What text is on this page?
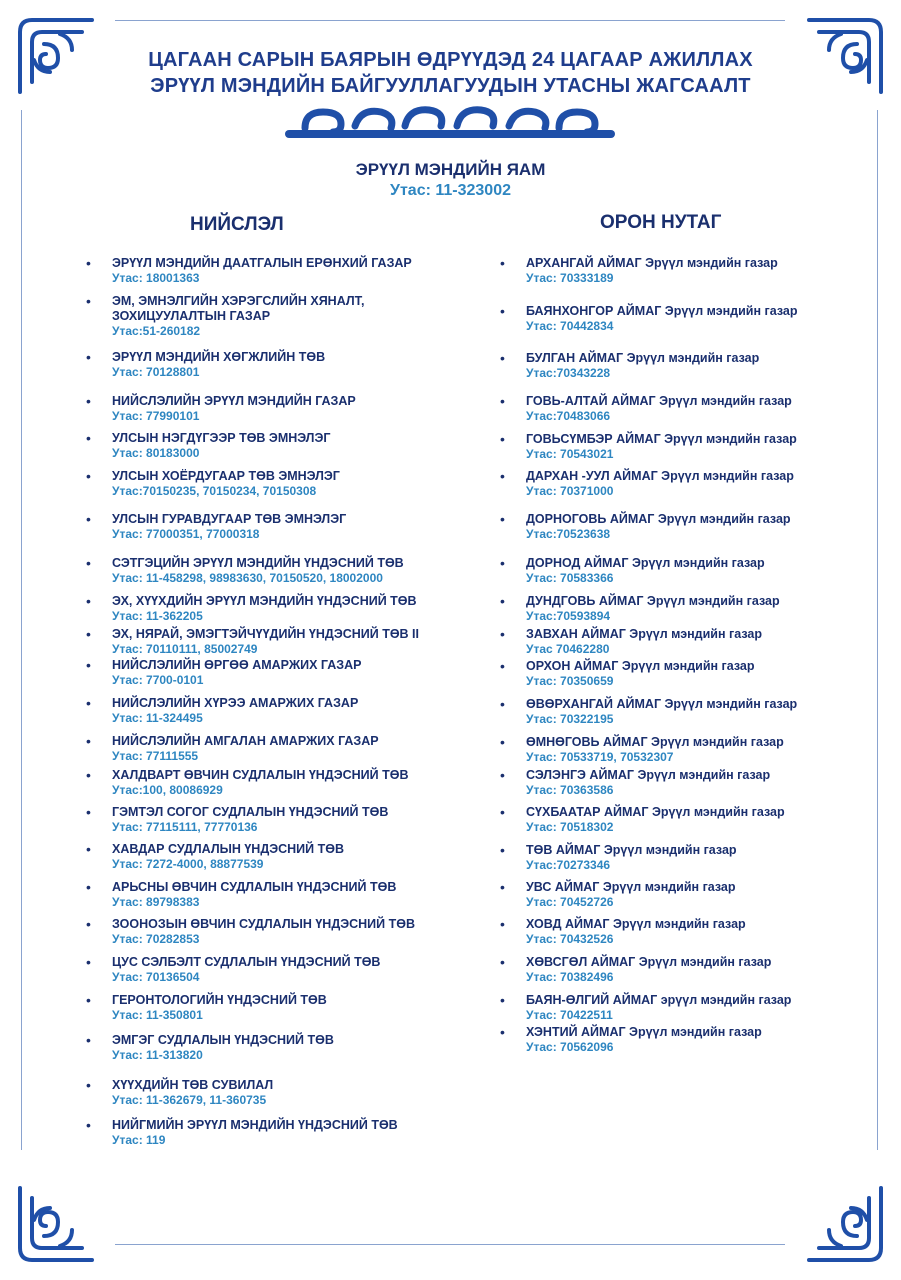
ЦАГААН САРЫН БАЯРЫН ӨДРҮҮДЭД 24 ЦАГААР АЖИЛЛАХ
ЭРҮҮЛ МЭНДИЙН БАЙГУУЛЛАГУУДЫН УТАСНЫ ЖАГСААЛТ
ЭРҮҮЛ МЭНДИЙН ЯАМ
Утас: 11-323002
НИЙСЛЭЛ	ОРОН НУТАГ
• ЭРҮҮЛ МЭНДИЙН ДААТГАЛЫН ЕРӨНХИЙ ГАЗАР
Утас: 18001363
• ЭМ, ЭМНЭЛГИЙН ХЭРЭГСЛИЙН ХЯНАЛТ, ЗОХИЦУУЛАЛТЫН ГАЗАР
Утас:51-260182
• ЭРҮҮЛ МЭНДИЙН ХӨГЖЛИЙН ТӨВ
Утас: 70128801
• НИЙСЛЭЛИЙН ЭРҮҮЛ МЭНДИЙН ГАЗАР
Утас: 77990101
• УЛСЫН НЭГДҮГЭЭР ТӨВ ЭМНЭЛЭГ
Утас: 80183000
• УЛСЫН ХОЁРДУГААР ТӨВ ЭМНЭЛЭГ
Утас:70150235, 70150234, 70150308
• УЛСЫН ГУРАВДУГААР ТӨВ ЭМНЭЛЭГ
Утас: 77000351, 77000318
• СЭТГЭЦИЙН ЭРҮҮЛ МЭНДИЙН ҮНДЭСНИЙ ТӨВ
Утас: 11-458298, 98983630, 70150520, 18002000
• ЭХ, ХҮҮХДИЙН ЭРҮҮЛ МЭНДИЙН ҮНДЭСНИЙ ТӨВ
Утас: 11-362205
• ЭХ, НЯРАЙ, ЭМЭГТЭЙЧҮҮДИЙН ҮНДЭСНИЙ ТӨВ II
Утас: 70110111, 85002749
• НИЙСЛЭЛИЙН ӨРГӨӨ АМАРЖИХ ГАЗАР
Утас: 7700-0101
• НИЙСЛЭЛИЙН ХҮРЭЭ АМАРЖИХ ГАЗАР
Утас: 11-324495
• НИЙСЛЭЛИЙН АМГАЛАН АМАРЖИХ ГАЗАР
Утас: 77111555
• ХАЛДВАРТ ӨВЧИН СУДЛАЛЫН ҮНДЭСНИЙ ТӨВ
Утас:100, 80086929
• ГЭМТЭЛ СОГОГ СУДЛАЛЫН ҮНДЭСНИЙ ТӨВ
Утас: 77115111, 77770136
• ХАВДАР СУДЛАЛЫН ҮНДЭСНИЙ ТӨВ
Утас: 7272-4000, 88877539
• АРЬСНЫ ӨВЧИН СУДЛАЛЫН ҮНДЭСНИЙ ТӨВ
Утас: 89798383
• ЗООНОЗЫН ӨВЧИН СУДЛАЛЫН ҮНДЭСНИЙ ТӨВ
Утас: 70282853
• ЦУС СЭЛБЭЛТ СУДЛАЛЫН ҮНДЭСНИЙ ТӨВ
Утас: 70136504
• ГЕРОНТОЛОГИЙН ҮНДЭСНИЙ ТӨВ
Утас: 11-350801
• ЭМГЭГ СУДЛАЛЫН ҮНДЭСНИЙ ТӨВ
Утас: 11-313820
• ХҮҮХДИЙН ТӨВ СУВИЛАЛ
Утас: 11-362679, 11-360735
• НИЙГМИЙН ЭРҮҮЛ МЭНДИЙН ҮНДЭСНИЙ ТӨВ
Утас: 119
• АРХАНГАЙ АЙМАГ Эрүүл мэндийн газар
Утас: 70333189
• БАЯНХОНГОР АЙМАГ Эрүүл мэндийн газар
Утас: 70442834
• БУЛГАН АЙМАГ Эрүүл мэндийн газар
Утас:70343228
• ГОВЬ-АЛТАЙ АЙМАГ Эрүүл мэндийн газар
Утас:70483066
• ГОВЬСҮМБЭР АЙМАГ Эрүүл мэндийн газар
Утас: 70543021
• ДАРХАН -УУЛ АЙМАГ Эрүүл мэндийн газар
Утас: 70371000
• ДОРНОГОВЬ АЙМАГ Эрүүл мэндийн газар
Утас:70523638
• ДОРНОД АЙМАГ Эрүүл мэндийн газар
Утас: 70583366
• ДУНДГОВЬ АЙМАГ Эрүүл мэндийн газар
Утас:70593894
• ЗАВХАН АЙМАГ Эрүүл мэндийн газар
Утас 70462280
• ОРХОН АЙМАГ Эрүүл мэндийн газар
Утас: 70350659
• ӨВӨРХАНГАЙ АЙМАГ Эрүүл мэндийн газар
Утас: 70322195
• ӨМНӨГОВЬ АЙМАГ Эрүүл мэндийн газар
Утас: 70533719, 70532307
• СЭЛЭНГЭ АЙМАГ Эрүүл мэндийн газар
Утас: 70363586
• СҮХБААТАР АЙМАГ Эрүүл мэндийн газар
Утас: 70518302
• ТӨВ АЙМАГ Эрүүл мэндийн газар
Утас:70273346
• УВС АЙМАГ Эрүүл мэндийн газар
Утас: 70452726
• ХОВД АЙМАГ Эрүүл мэндийн газар
Утас: 70432526
• ХӨВСГӨЛ АЙМАГ Эрүүл мэндийн газар
Утас: 70382496
• БАЯН-ӨЛГИЙ АЙМАГ эрүүл мэндийн газар
Утас: 70422511
• ХЭНТИЙ АЙМАГ Эрүүл мэндийн газар
Утас: 70562096
